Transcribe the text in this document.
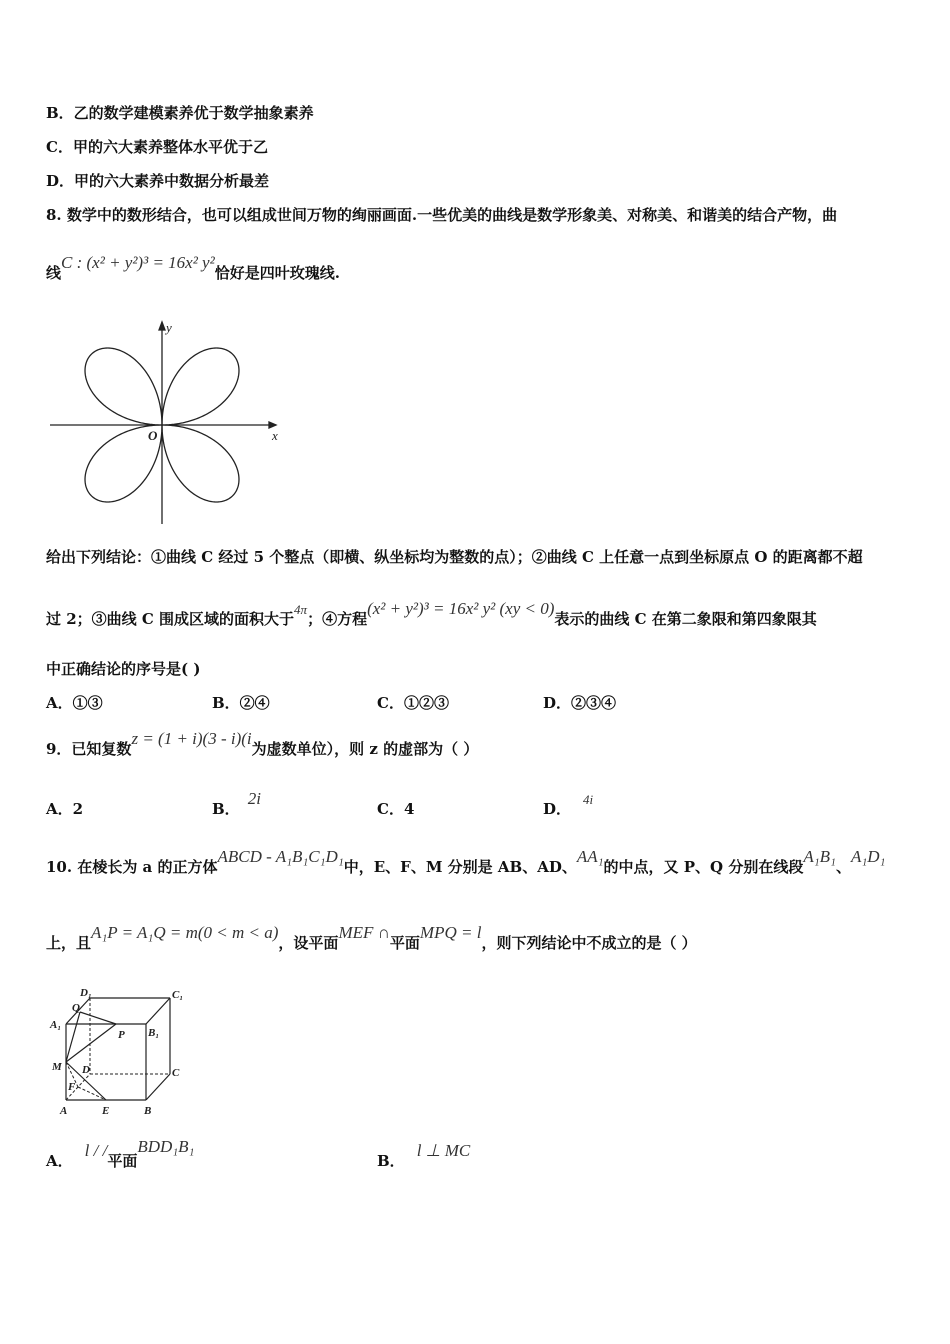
B．乙的数学建模素养优于数学抽象素养
C．甲的六大素养整体水平优于乙
D．甲的六大素养中数据分析最差
8. 数学中的数形结合，也可以组成世间万物的绚丽画面.一些优美的曲线是数学形象美、对称美、和谐美的结合产物，曲
线C : (x² + y²)³ = 16x² y²恰好是四叶玫瑰线.
y
x
O
给出下列结论：①曲线 C 经过 5 个整点（即横、纵坐标均为整数的点）；②曲线 C 上任意一点到坐标原点 O 的距离都不超
过 2；③曲线 C 围成区域的面积大于4π；④方程(x² + y²)³ = 16x² y² (xy < 0)表示的曲线 C 在第二象限和第四象限其
中正确结论的序号是( )
A．①③	B．②④	C．①②③	D．②③④
9．已知复数z = (1 + i)(3 - i)(i为虚数单位），则 z 的虚部为（ ）
A．2	B．2i
C．4	D．4i
10. 在棱长为 a 的正方体ABCD - A₁B₁C₁D₁中，E、F、M 分别是 AB、AD、AA₁的中点，又 P、Q 分别在线段A₁B₁、A₁D₁
上，且A₁P = A₁Q = m(0 < m < a)，设平面MEF ∩平面MPQ = l，则下列结论中不成立的是（ ）
D₁	C₁
Q
A₁
P B₁
M D	C
F
A	E	B
A．l / /平面BDD₁B₁
B．l ⊥ MC
